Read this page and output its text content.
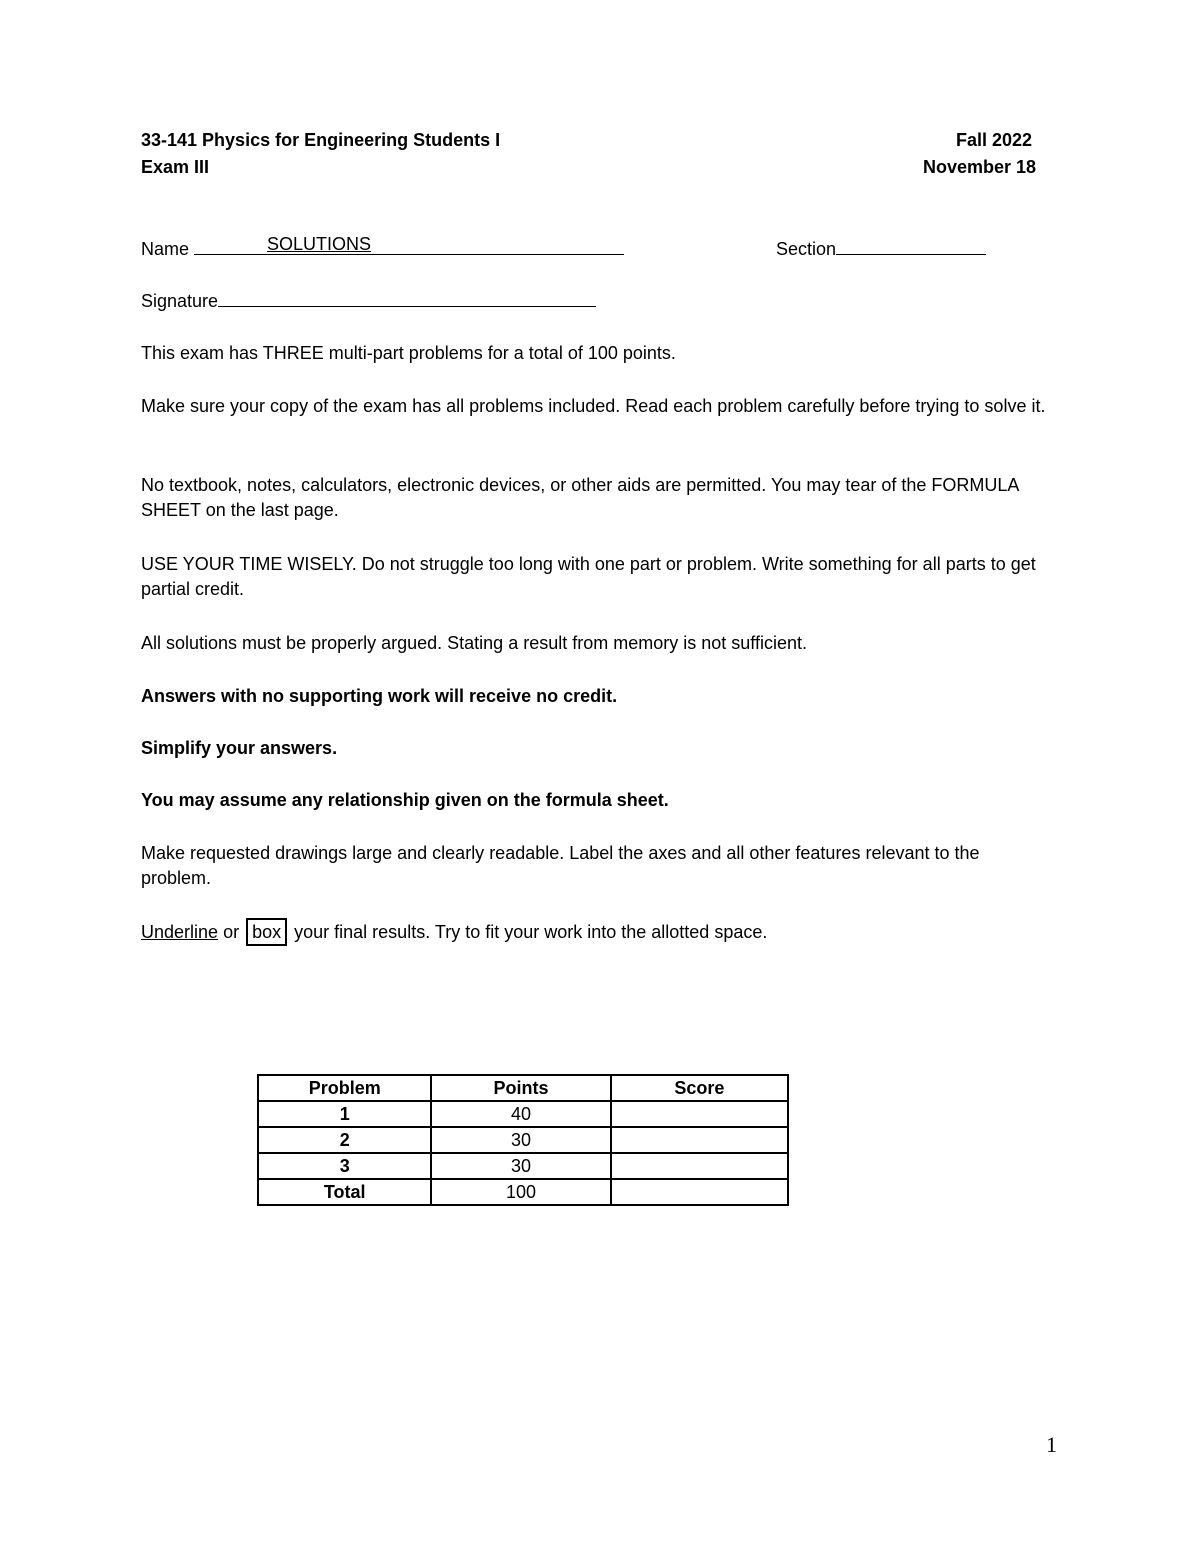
33-141 Physics for Engineering Students I	Fall 2022
Exam III	November 18
Name	SOLUTIONS	Section
Signature
This exam has THREE multi-part problems for a total of 100 points.
Make sure your copy of the exam has all problems included. Read each problem carefully before trying to solve it.
No textbook, notes, calculators, electronic devices, or other aids are permitted. You may tear of the FORMULA SHEET on the last page.
USE YOUR TIME WISELY. Do not struggle too long with one part or problem. Write something for all parts to get partial credit.
All solutions must be properly argued. Stating a result from memory is not sufficient.
Answers with no supporting work will receive no credit.
Simplify your answers.
You may assume any relationship given on the formula sheet.
Make requested drawings large and clearly readable. Label the axes and all other features relevant to the problem.
Underline or box your final results. Try to fit your work into the allotted space.
Problem	Points	Score
1	40	
2	30	
3	30	
Total	100	
1
